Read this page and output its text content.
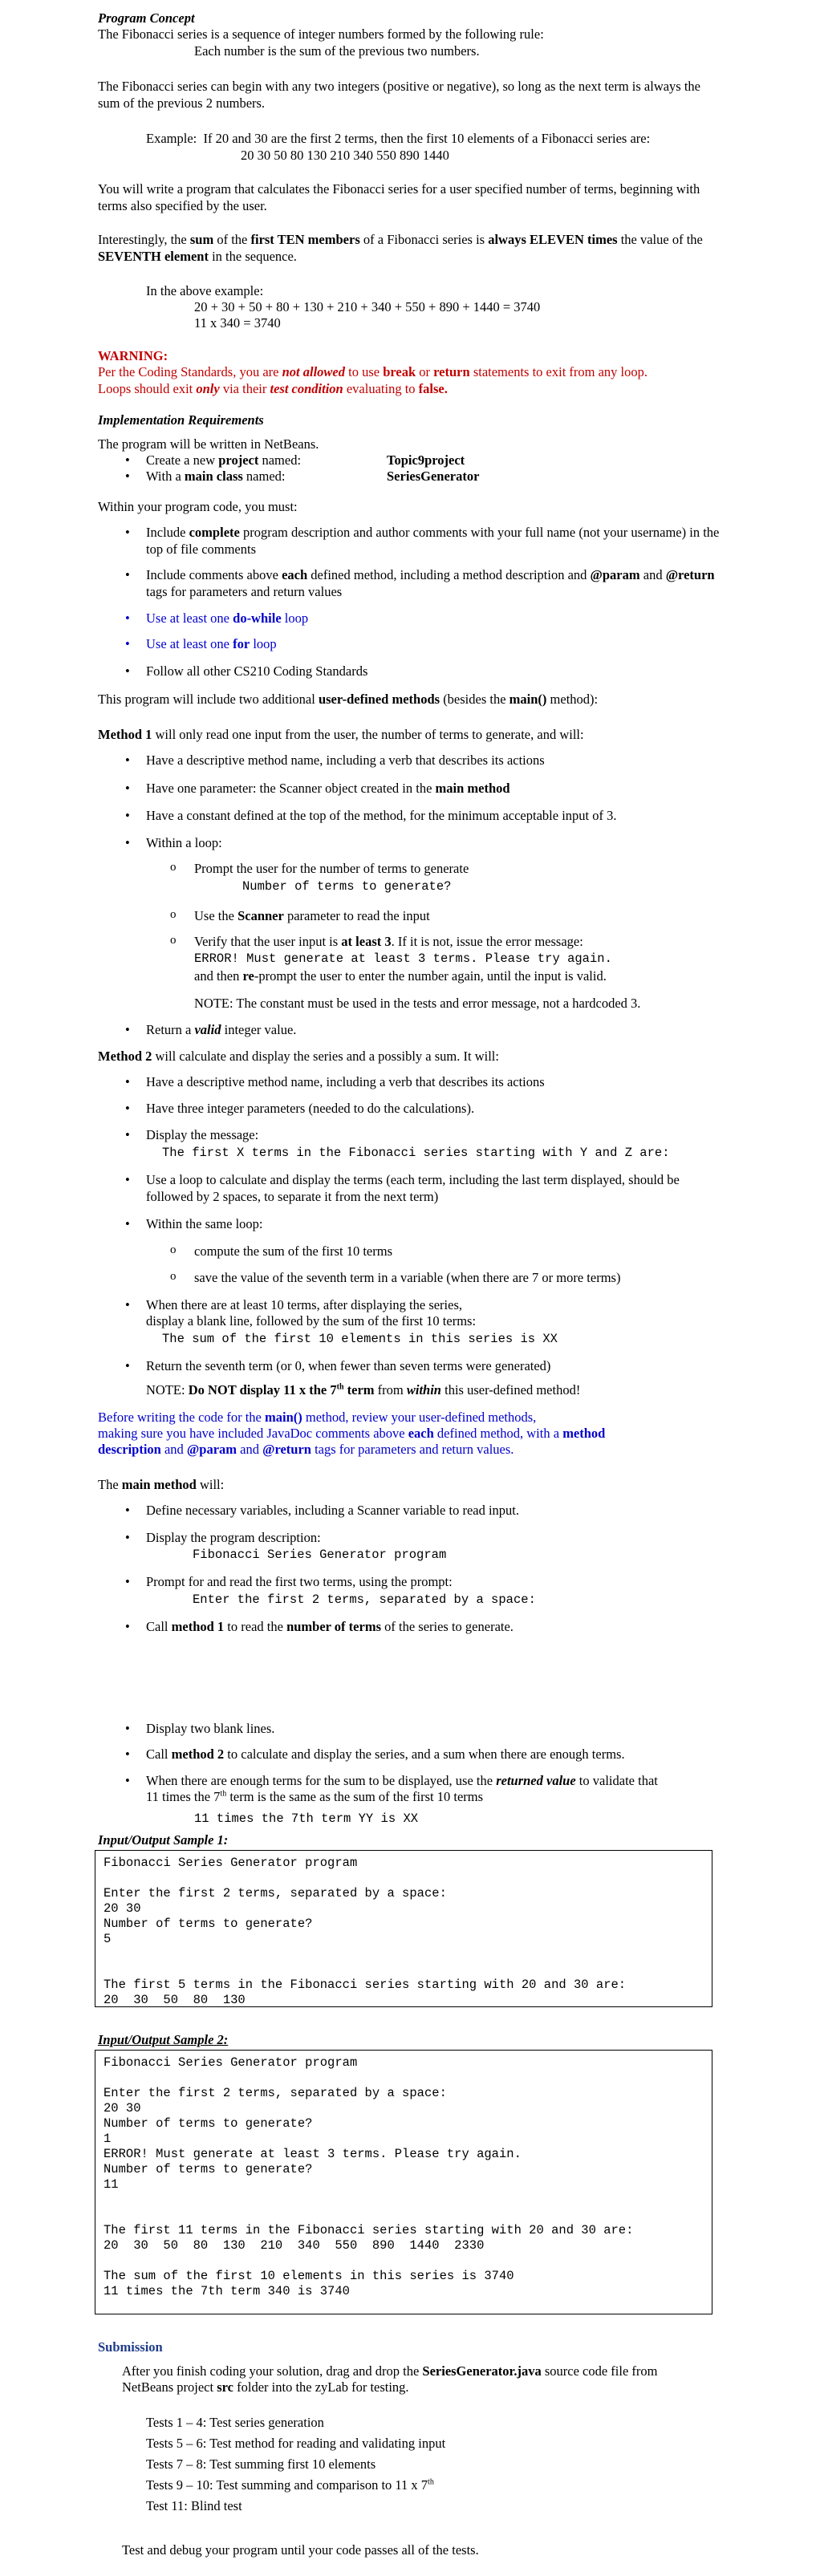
Program Concept

The Fibonacci series is a sequence of integer numbers formed by the following rule:

Each number is the sum of the previous two numbers.

The Fibonacci series can begin with any two integers (positive or negative), so long as the next term is always the sum of the previous 2 numbers.

Example: If 20 and 30 are the first 2 terms, then the first 10 elements of a Fibonacci series are:

20 30 50 80 130 210 340 550 890 1440

You will write a program that calculates the Fibonacci series for a user specified number of terms, beginning with terms also specified by the user.

Interestingly, the sum of the first TEN members of a Fibonacci series is always ELEVEN times the value of the SEVENTH element in the sequence.

In the above example:

20 + 30 + 50 + 80 + 130 + 210 + 340 + 550 + 890 + 1440 = 3740

11 x 340 = 3740

WARNING:

Per the Coding Standards, you are not allowed to use break or return statements to exit from any loop.

Loops should exit only via their test condition evaluating to false.

Implementation Requirements

The program will be written in NetBeans.

• Create a new project named:	Topic9project

• With a main class named:	SeriesGenerator

Within your program code, you must:

• Include complete program description and author comments with your full name (not your username) in the top of file comments

• Include comments above each defined method, including a method description and @param and @return tags for parameters and return values

• Use at least one do-while loop

• Use at least one for loop

• Follow all other CS210 Coding Standards

This program will include two additional user-defined methods (besides the main() method):

Method 1 will only read one input from the user, the number of terms to generate, and will:

• Have a descriptive method name, including a verb that describes its actions

• Have one parameter: the Scanner object created in the main method

• Have a constant defined at the top of the method, for the minimum acceptable input of 3.

• Within a loop:

o Prompt the user for the number of terms to generate

Number of terms to generate?

o Use the Scanner parameter to read the input

o Verify that the user input is at least 3. If it is not, issue the error message:

ERROR! Must generate at least 3 terms. Please try again.

and then re-prompt the user to enter the number again, until the input is valid.

NOTE: The constant must be used in the tests and error message, not a hardcoded 3.

• Return a valid integer value.

Method 2 will calculate and display the series and a possibly a sum. It will:

• Have a descriptive method name, including a verb that describes its actions

• Have three integer parameters (needed to do the calculations).

• Display the message:

The first X terms in the Fibonacci series starting with Y and Z are:

• Use a loop to calculate and display the terms (each term, including the last term displayed, should be followed by 2 spaces, to separate it from the next term)

• Within the same loop:

o compute the sum of the first 10 terms

o save the value of the seventh term in a variable (when there are 7 or more terms)

• When there are at least 10 terms, after displaying the series,

display a blank line, followed by the sum of the first 10 terms:

The sum of the first 10 elements in this series is XX

• Return the seventh term (or 0, when fewer than seven terms were generated)

NOTE: Do NOT display 11 x the 7th term from within this user-defined method!

Before writing the code for the main() method, review your user-defined methods,

making sure you have included JavaDoc comments above each defined method, with a method

description and @param and @return tags for parameters and return values.

The main method will:

• Define necessary variables, including a Scanner variable to read input.

• Display the program description:

Fibonacci Series Generator program

• Prompt for and read the first two terms, using the prompt:

Enter the first 2 terms, separated by a space:

• Call method 1 to read the number of terms of the series to generate.

• Display two blank lines.

• Call method 2 to calculate and display the series, and a sum when there are enough terms.

• When there are enough terms for the sum to be displayed, use the returned value to validate that

11 times the 7th term is the same as the sum of the first 10 terms

11 times the 7th term YY is XX

Input/Output Sample 1:

Fibonacci Series Generator program

Enter the first 2 terms, separated by a space:
20 30
Number of terms to generate?
5

The first 5 terms in the Fibonacci series starting with 20 and 30 are:
20  30  50  80  130

Input/Output Sample 2:

Fibonacci Series Generator program

Enter the first 2 terms, separated by a space:
20 30
Number of terms to generate?
1
ERROR! Must generate at least 3 terms. Please try again.
Number of terms to generate?
11

The first 11 terms in the Fibonacci series starting with 20 and 30 are:
20  30  50  80  130  210  340  550  890  1440  2330

The sum of the first 10 elements in this series is 3740
11 times the 7th term 340 is 3740

Submission

After you finish coding your solution, drag and drop the SeriesGenerator.java source code file from

NetBeans project src folder into the zyLab for testing.

Tests 1 – 4: Test series generation

Tests 5 – 6: Test method for reading and validating input

Tests 7 – 8: Test summing first 10 elements

Tests 9 – 10: Test summing and comparison to 11 x 7th

Test 11: Blind test

Test and debug your program until your code passes all of the tests.
